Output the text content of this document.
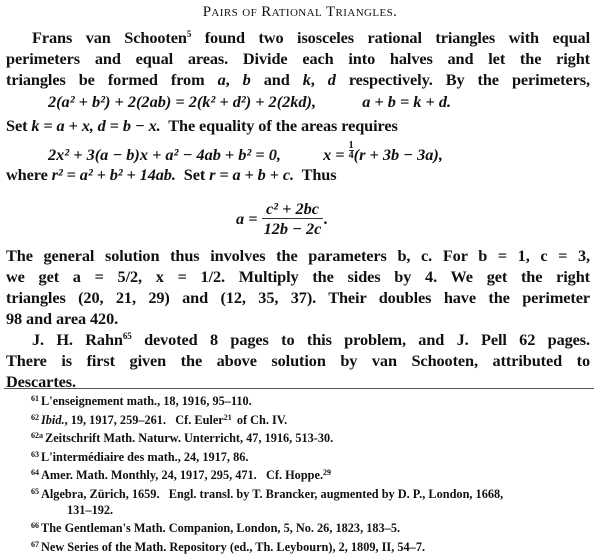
Pairs of Rational Triangles.
Frans van Schooten$^5$ found two isosceles rational triangles with equal
perimeters and equal areas. Divide each into halves and let the right
triangles be formed from a, b and k, d respectively. By the perimeters,
2(a² + b²) + 2(2ab) = 2(k² + d²) + 2(2kd),	a + b = k + d.
Set k = a + x, d = b − x.  The equality of the areas requires
2x² + 3(a − b)x + a² − 4ab + b² = 0,	$x = \frac{1}{4} (r + 3b - 3a)$,
where r² = a² + b² + 14ab.  Set r = a + b + c.  Thus
$a = \frac{\text{c² + 2bc}}{12b - 2c}$ .
The general solution thus involves the parameters b, c. For b = 1, c = 3,
we get a = 5/2, x = 1/2. Multiply the sides by 4. We get the right
triangles (20, 21, 29) and (12, 35, 37). Their doubles have the perimeter
98 and area 420.
J. H. Rahn$^{65}$ devoted 8 pages to this problem, and J. Pell 62 pages.
There is first given the above solution by van Schooten, attributed to
Descartes.
$^{61}$ L'enseignement math., 18, 1916, 95–110.
$^{62}$ Ibid., 19, 1917, 259–261.   Cf. Euler$^{21}$ of Ch. IV.
$^{62a}$ Zeitschrift Math. Naturw. Unterricht, 47, 1916, 513-30.
$^{63}$ L'intermédiaire des math., 24, 1917, 86.
$^{64}$ Amer. Math. Monthly, 24, 1917, 295, 471.   Cf. Hoppe.$^{29}$
$^{65}$ Algebra, Zürich, 1659.   Engl. transl. by T. Brancker, augmented by D. P., London, 1668,
131–192.
$^{66}$ The Gentleman's Math. Companion, London, 5, No. 26, 1823, 183–5.
$^{67}$ New Series of the Math. Repository (ed., Th. Leybourn), 2, 1809, II, 54–7.
